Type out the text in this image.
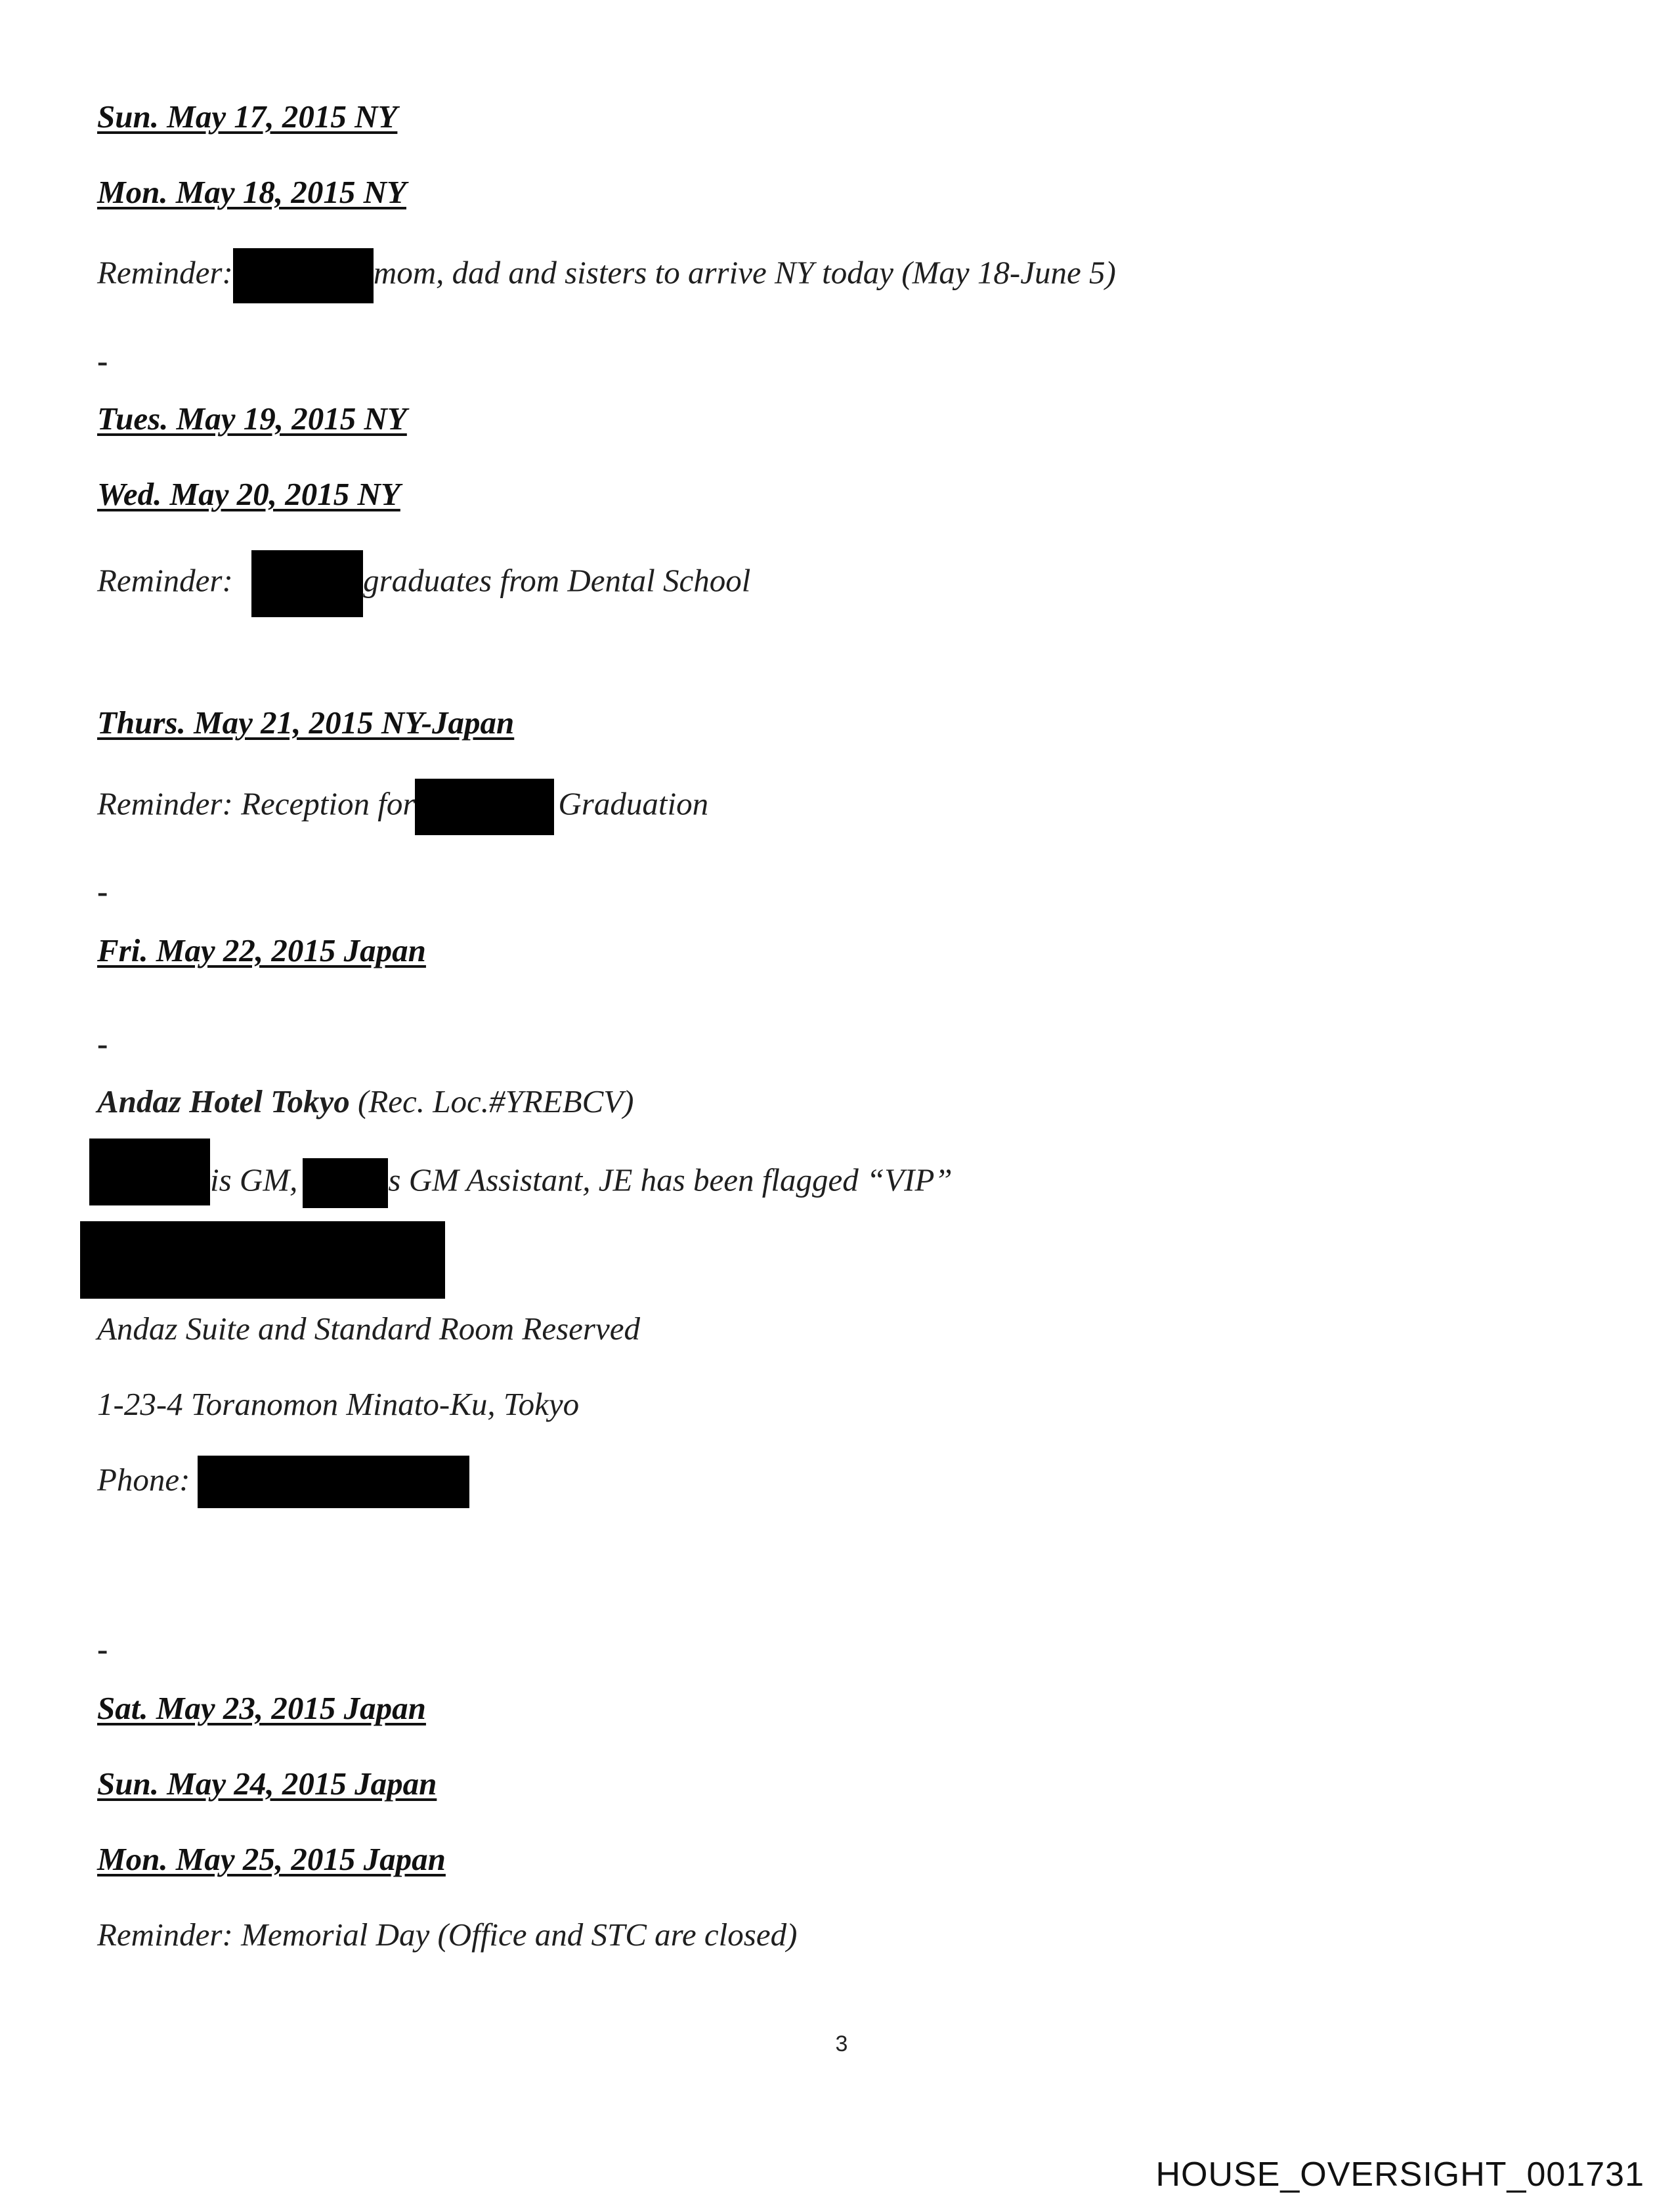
Sun. May 17, 2015 NY
Mon. May 18, 2015 NY
Reminder:	mom, dad and sisters to arrive NY today (May 18-June 5)
-
Tues. May 19, 2015 NY
Wed. May 20, 2015 NY
Reminder:	graduates from Dental School
Thurs. May 21, 2015 NY-Japan
Reminder: Reception for	Graduation
-
Fri. May 22, 2015 Japan
-
Andaz Hotel Tokyo (Rec. Loc.#YREBCV)
is GM,	s GM Assistant, JE has been flagged “VIP”
Andaz Suite and Standard Room Reserved
1-23-4 Toranomon Minato-Ku, Tokyo
Phone:
-
Sat. May 23, 2015 Japan
Sun. May 24, 2015 Japan
Mon. May 25, 2015 Japan
Reminder: Memorial Day (Office and STC are closed)
3
HOUSE_OVERSIGHT_001731
